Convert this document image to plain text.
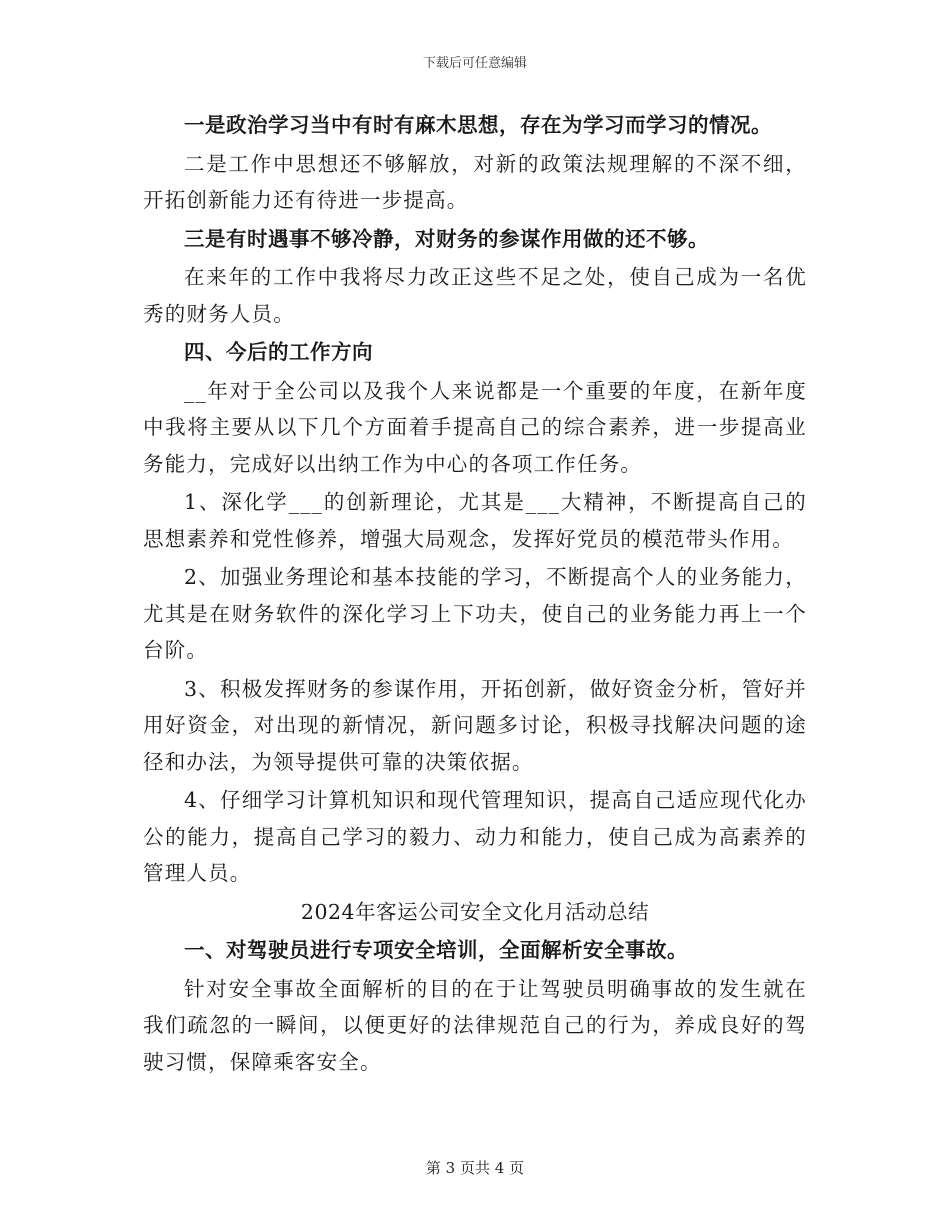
下载后可任意编辑

一是政治学习当中有时有麻木思想，存在为学习而学习的情况。

二是工作中思想还不够解放，对新的政策法规理解的不深不细，开拓创新能力还有待进一步提高。

三是有时遇事不够冷静，对财务的参谋作用做的还不够。

在来年的工作中我将尽力改正这些不足之处，使自己成为一名优秀的财务人员。

四、今后的工作方向

__年对于全公司以及我个人来说都是一个重要的年度，在新年度中我将主要从以下几个方面着手提高自己的综合素养，进一步提高业务能力，完成好以出纳工作为中心的各项工作任务。

1、深化学___的创新理论，尤其是___大精神，不断提高自己的思想素养和党性修养，增强大局观念，发挥好党员的模范带头作用。

2、加强业务理论和基本技能的学习，不断提高个人的业务能力，尤其是在财务软件的深化学习上下功夫，使自己的业务能力再上一个台阶。

3、积极发挥财务的参谋作用，开拓创新，做好资金分析，管好并用好资金，对出现的新情况，新问题多讨论，积极寻找解决问题的途径和办法，为领导提供可靠的决策依据。

4、仔细学习计算机知识和现代管理知识，提高自己适应现代化办公的能力，提高自己学习的毅力、动力和能力，使自己成为高素养的管理人员。

2024年客运公司安全文化月活动总结

一、对驾驶员进行专项安全培训，全面解析安全事故。

针对安全事故全面解析的目的在于让驾驶员明确事故的发生就在我们疏忽的一瞬间，以便更好的法律规范自己的行为，养成良好的驾驶习惯，保障乘客安全。

第 3 页共 4 页
